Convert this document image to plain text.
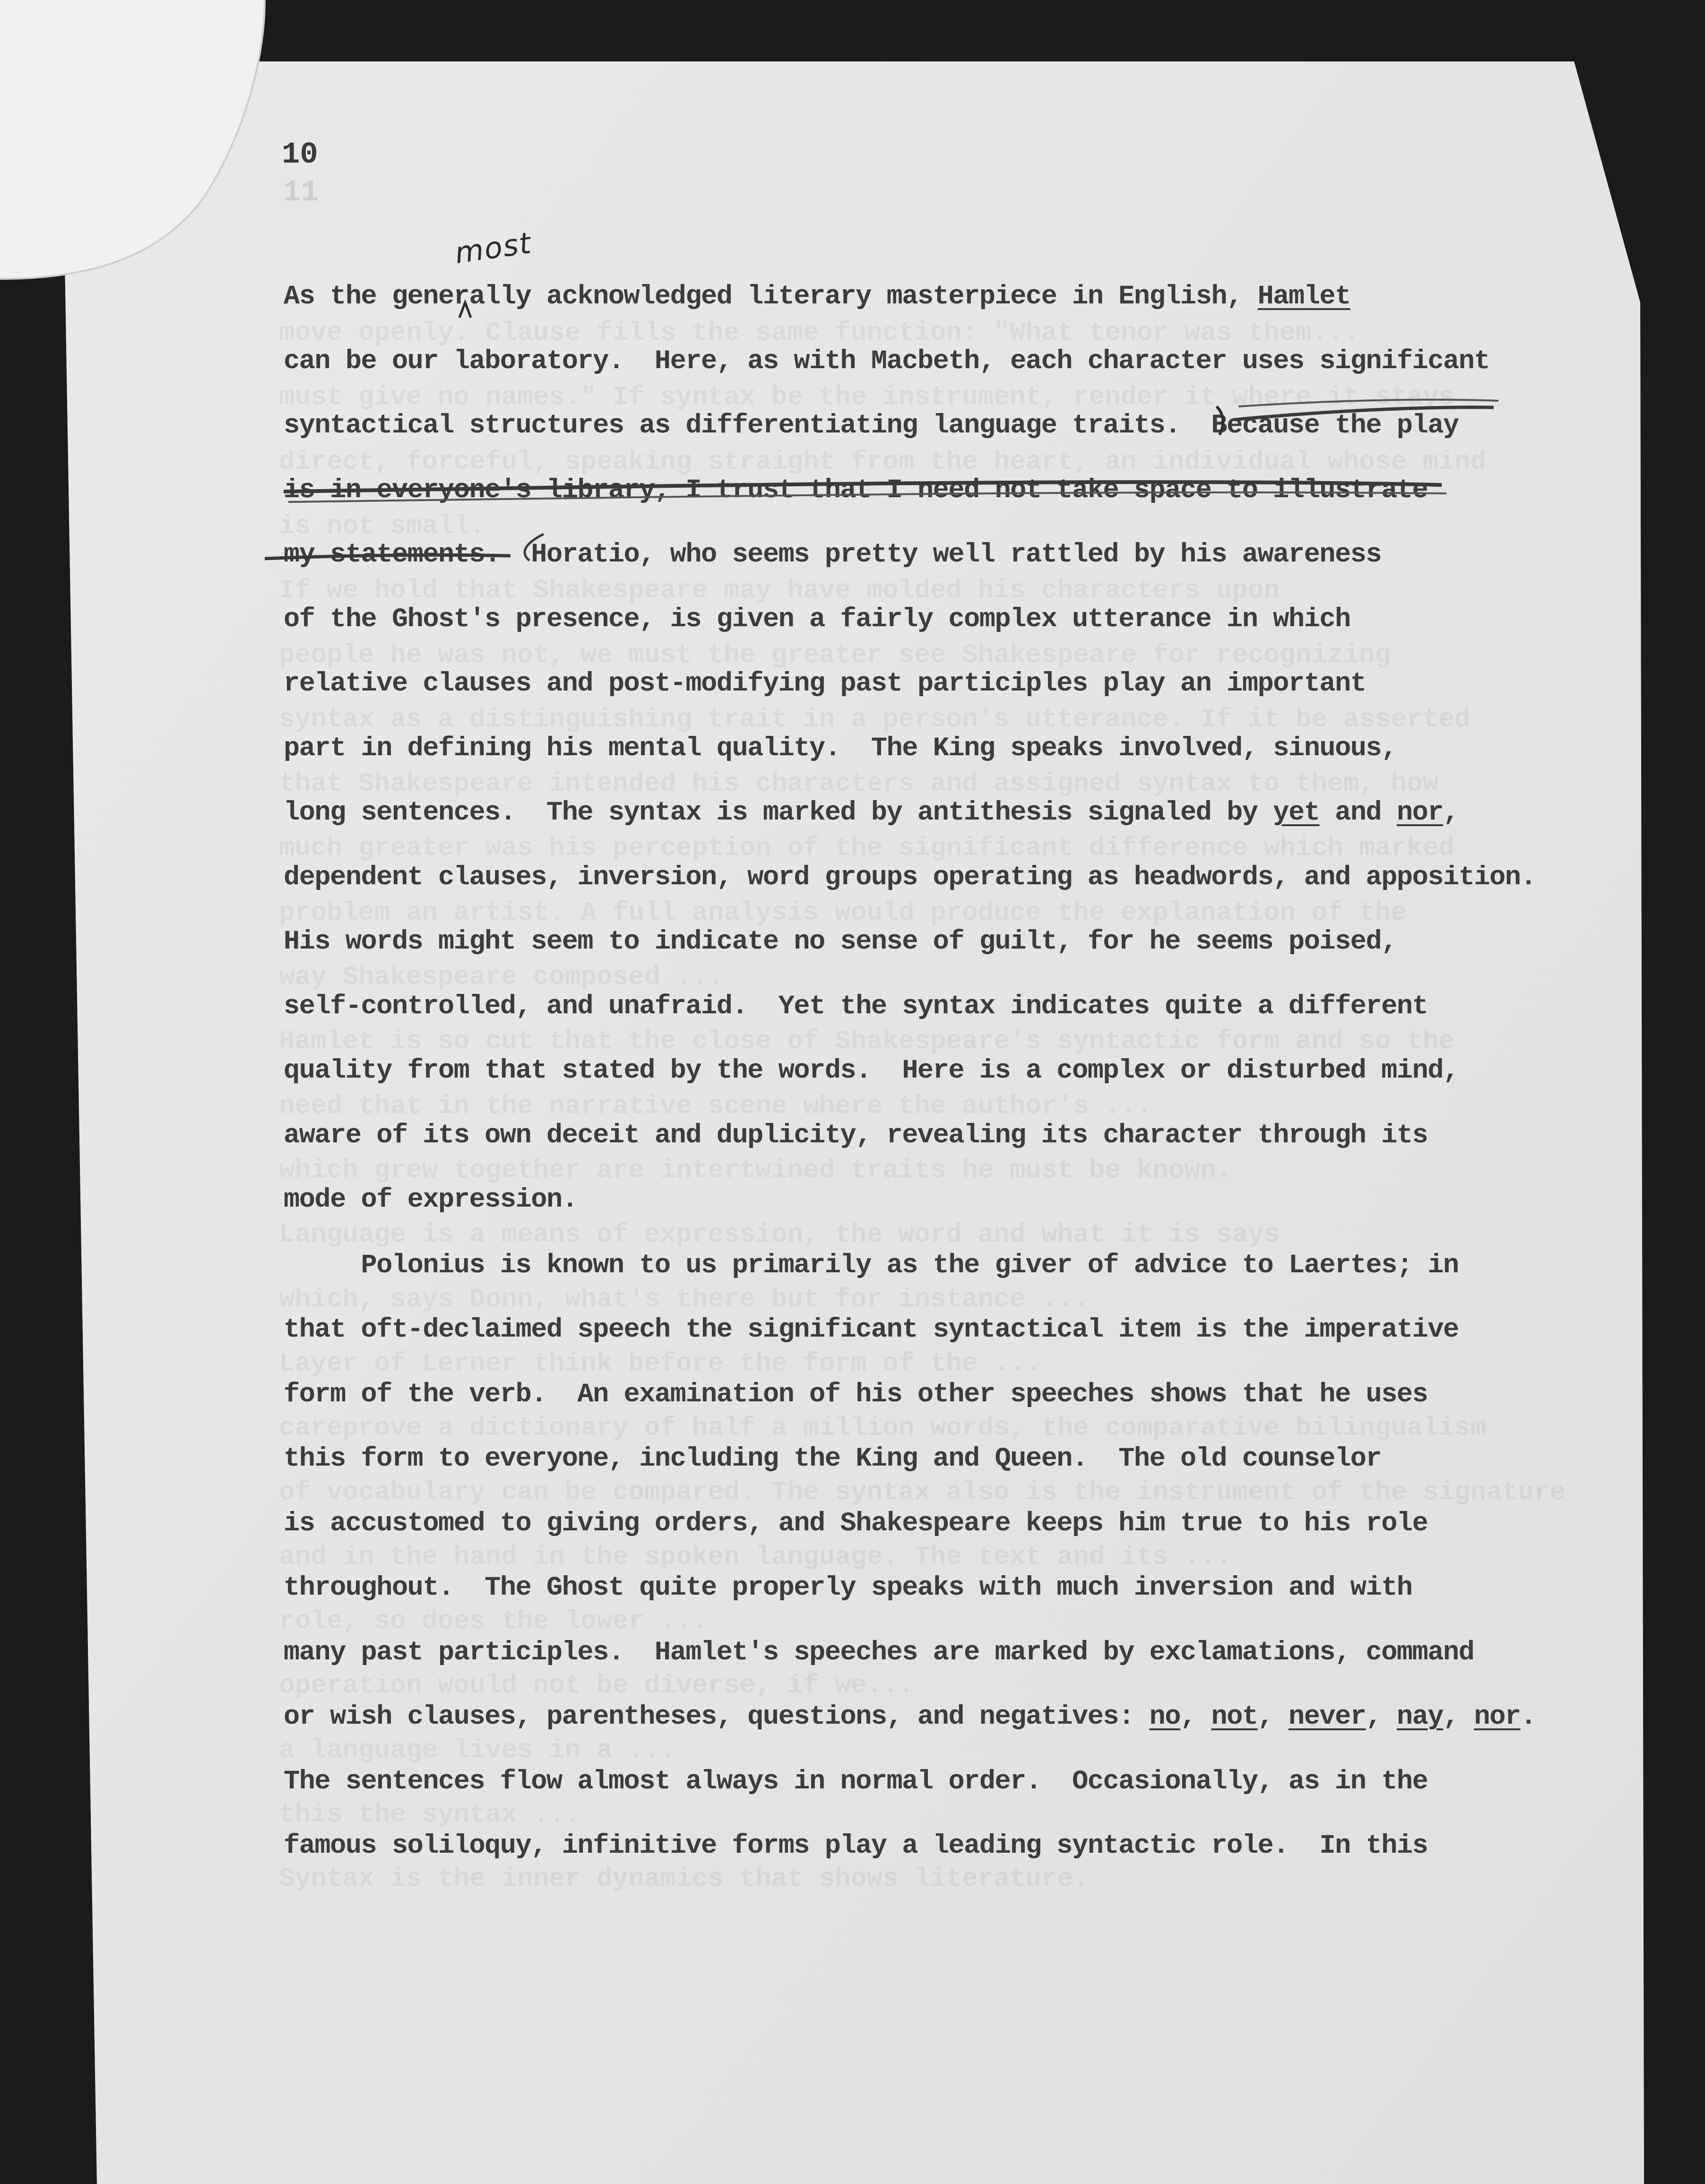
11
move openly. Clause fills the same function: "What tenor was them...
must give no names." If syntax be the instrument, render it where it stays
direct, forceful, speaking straight from the heart, an individual whose mind
is not small.
If we hold that Shakespeare may have molded his characters upon
people he was not, we must the greater see Shakespeare for recognizing
syntax as a distinguishing trait in a person's utterance. If it be asserted
that Shakespeare intended his characters and assigned syntax to them, how
much greater was his perception of the significant difference which marked
problem an artist. A full analysis would produce the explanation of the
way Shakespeare composed ...
Hamlet is so cut that the close of Shakespeare's syntactic form and so the
need that in the narrative scene where the author's ...
which grew together are intertwined traits he must be known.
Language is a means of expression, the word and what it is says
which, says Donn, what's there but for instance ...
Layer of Lerner think before the form of the ...
careprove a dictionary of half a million words, the comparative bilingualism
of vocabulary can be compared. The syntax also is the instrument of the signature
and in the hand in the spoken language. The text and its ...
role, so does the lower ...
operation would not be diverse, if we...
a language lives in a ...
this the syntax ...
Syntax is the inner dynamics that shows literature.
10
most
As the generally acknowledged literary masterpiece in English, Hamlet
can be our laboratory.  Here, as with Macbeth, each character uses significant
syntactical structures as differentiating language traits.  Because the play
is in everyone's library, I trust that I need not take space to illustrate
my statements.  Horatio, who seems pretty well rattled by his awareness
of the Ghost's presence, is given a fairly complex utterance in which
relative clauses and post-modifying past participles play an important
part in defining his mental quality.  The King speaks involved, sinuous,
long sentences.  The syntax is marked by antithesis signaled by yet and nor,
dependent clauses, inversion, word groups operating as headwords, and apposition.
His words might seem to indicate no sense of guilt, for he seems poised,
self-controlled, and unafraid.  Yet the syntax indicates quite a different
quality from that stated by the words.  Here is a complex or disturbed mind,
aware of its own deceit and duplicity, revealing its character through its
mode of expression.
Polonius is known to us primarily as the giver of advice to Laertes; in
that oft-declaimed speech the significant syntactical item is the imperative
form of the verb.  An examination of his other speeches shows that he uses
this form to everyone, including the King and Queen.  The old counselor
is accustomed to giving orders, and Shakespeare keeps him true to his role
throughout.  The Ghost quite properly speaks with much inversion and with
many past participles.  Hamlet's speeches are marked by exclamations, command
or wish clauses, parentheses, questions, and negatives: no, not, never, nay, nor.
The sentences flow almost always in normal order.  Occasionally, as in the
famous soliloquy, infinitive forms play a leading syntactic role.  In this
